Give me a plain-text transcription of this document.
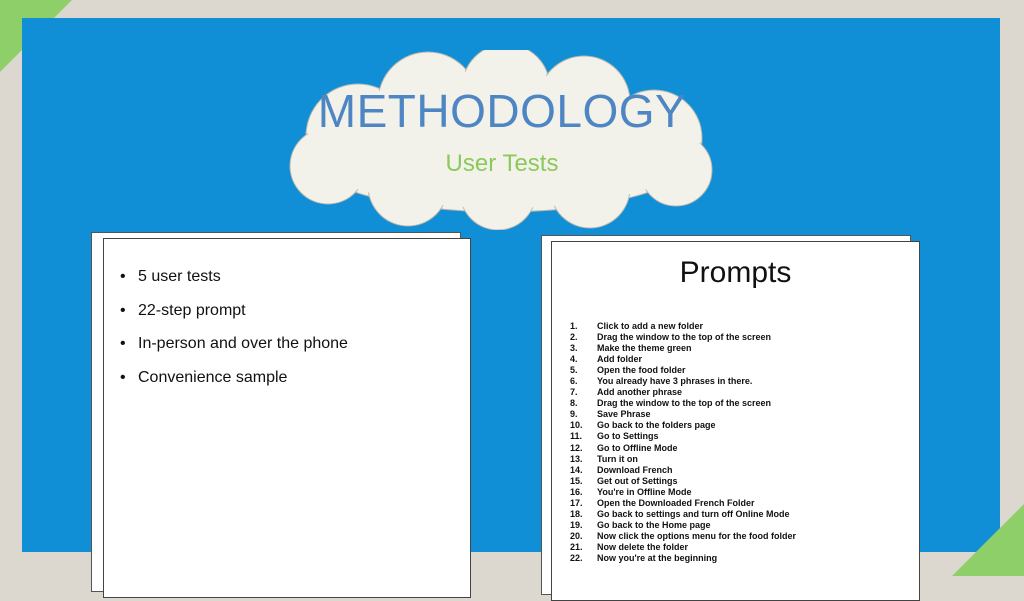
METHODOLOGY
User Tests
• 5 user tests
• 22-step prompt
• In-person and over the phone
• Convenience sample
Prompts
1. Click to add a new folder
2. Drag the window to the top of the screen
3. Make the theme green
4. Add folder
5. Open the food folder
6. You already have 3 phrases in there.
7. Add another phrase
8. Drag the window to the top of the screen
9. Save Phrase
10. Go back to the folders page
11. Go to Settings
12. Go to Offline Mode
13. Turn it on
14. Download French
15. Get out of Settings
16. You're in Offline Mode
17. Open the Downloaded French Folder
18. Go back to settings and turn off Online Mode
19. Go back to the Home page
20. Now click the options menu for the food folder
21. Now delete the folder
22. Now you're at the beginning
